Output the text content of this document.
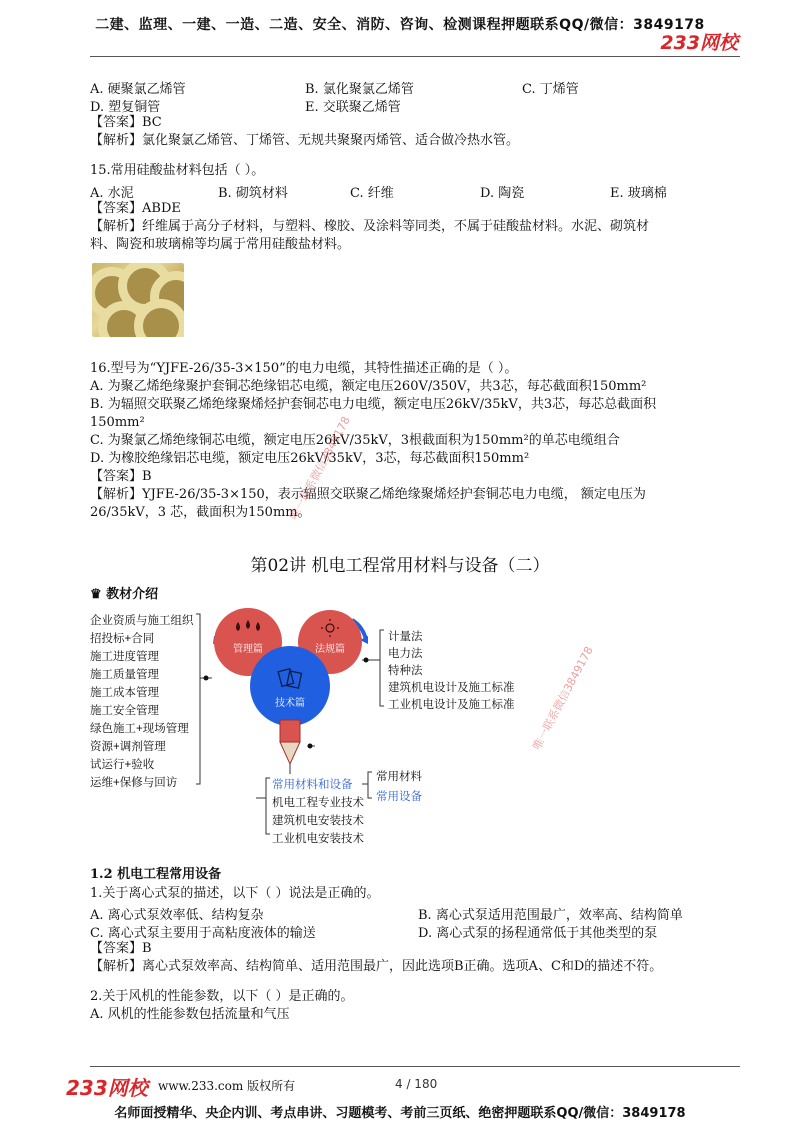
二建、监理、一建、一造、二造、安全、消防、咨询、检测课程押题联系QQ/微信：3849178
233网校
A. 硬聚氯乙烯管	B. 氯化聚氯乙烯管	C. 丁烯管
D. 塑复铜管	E. 交联聚乙烯管
【答案】BC
【解析】氯化聚氯乙烯管、丁烯管、无规共聚聚丙烯管、适合做冷热水管。
15.常用硅酸盐材料包括（ ）。
A. 水泥	B. 砌筑材料	C. 纤维	D. 陶瓷	E. 玻璃棉
【答案】ABDE
【解析】纤维属于高分子材料，与塑料、橡胶、及涂料等同类，不属于硅酸盐材料。水泥、砌筑材
料、陶瓷和玻璃棉等均属于常用硅酸盐材料。
16.型号为“YJFE-26/35-3×150”的电力电缆，其特性描述正确的是（ ）。
A. 为聚乙烯绝缘聚护套铜芯绝缘铝芯电缆，额定电压260V/350V，共3芯，每芯截面积150mm²
B. 为辐照交联聚乙烯绝缘聚烯烃护套铜芯电力电缆，额定电压26kV/35kV，共3芯，每芯总截面积
150mm²
C. 为聚氯乙烯绝缘铜芯电缆，额定电压26kV/35kV，3根截面积为150mm²的单芯电缆组合
D. 为橡胶绝缘铝芯电缆，额定电压26kV/35kV，3芯，每芯截面积150mm²
【答案】B
【解析】YJFE-26/35-3×150，表示辐照交联聚乙烯绝缘聚烯烃护套铜芯电力电缆， 额定电压为
26/35kV，3 芯，截面积为150mm。
第02讲 机电工程常用材料与设备（二）
♛ 教材介绍
企业资质与施工组织
招投标+合同
施工进度管理
施工质量管理
施工成本管理
施工安全管理
绿色施工+现场管理
资源+调剂管理
试运行+验收
运维+保修与回访
管理篇	法规篇
技术篇
计量法
电力法
特种法
建筑机电设计及施工标准
工业机电设计及施工标准
常用材料和设备
机电工程专业技术
建筑机电安装技术
工业机电安装技术
常用材料
常用设备
唯一联系微信3849178
唯一联系微信3849178
1.2 机电工程常用设备
1.关于离心式泵的描述，以下（ ）说法是正确的。
A. 离心式泵效率低、结构复杂	B. 离心式泵适用范围最广，效率高、结构简单
C. 离心式泵主要用于高粘度液体的输送	D. 离心式泵的扬程通常低于其他类型的泵
【答案】B
【解析】离心式泵效率高、结构简单、适用范围最广，因此选项B正确。选项A、C和D的描述不符。
2.关于风机的性能参数，以下（ ）是正确的。
A. 风机的性能参数包括流量和气压
233网校 www.233.com 版权所有	4 / 180
名师面授精华、央企内训、考点串讲、习题模考、考前三页纸、绝密押题联系QQ/微信：3849178
